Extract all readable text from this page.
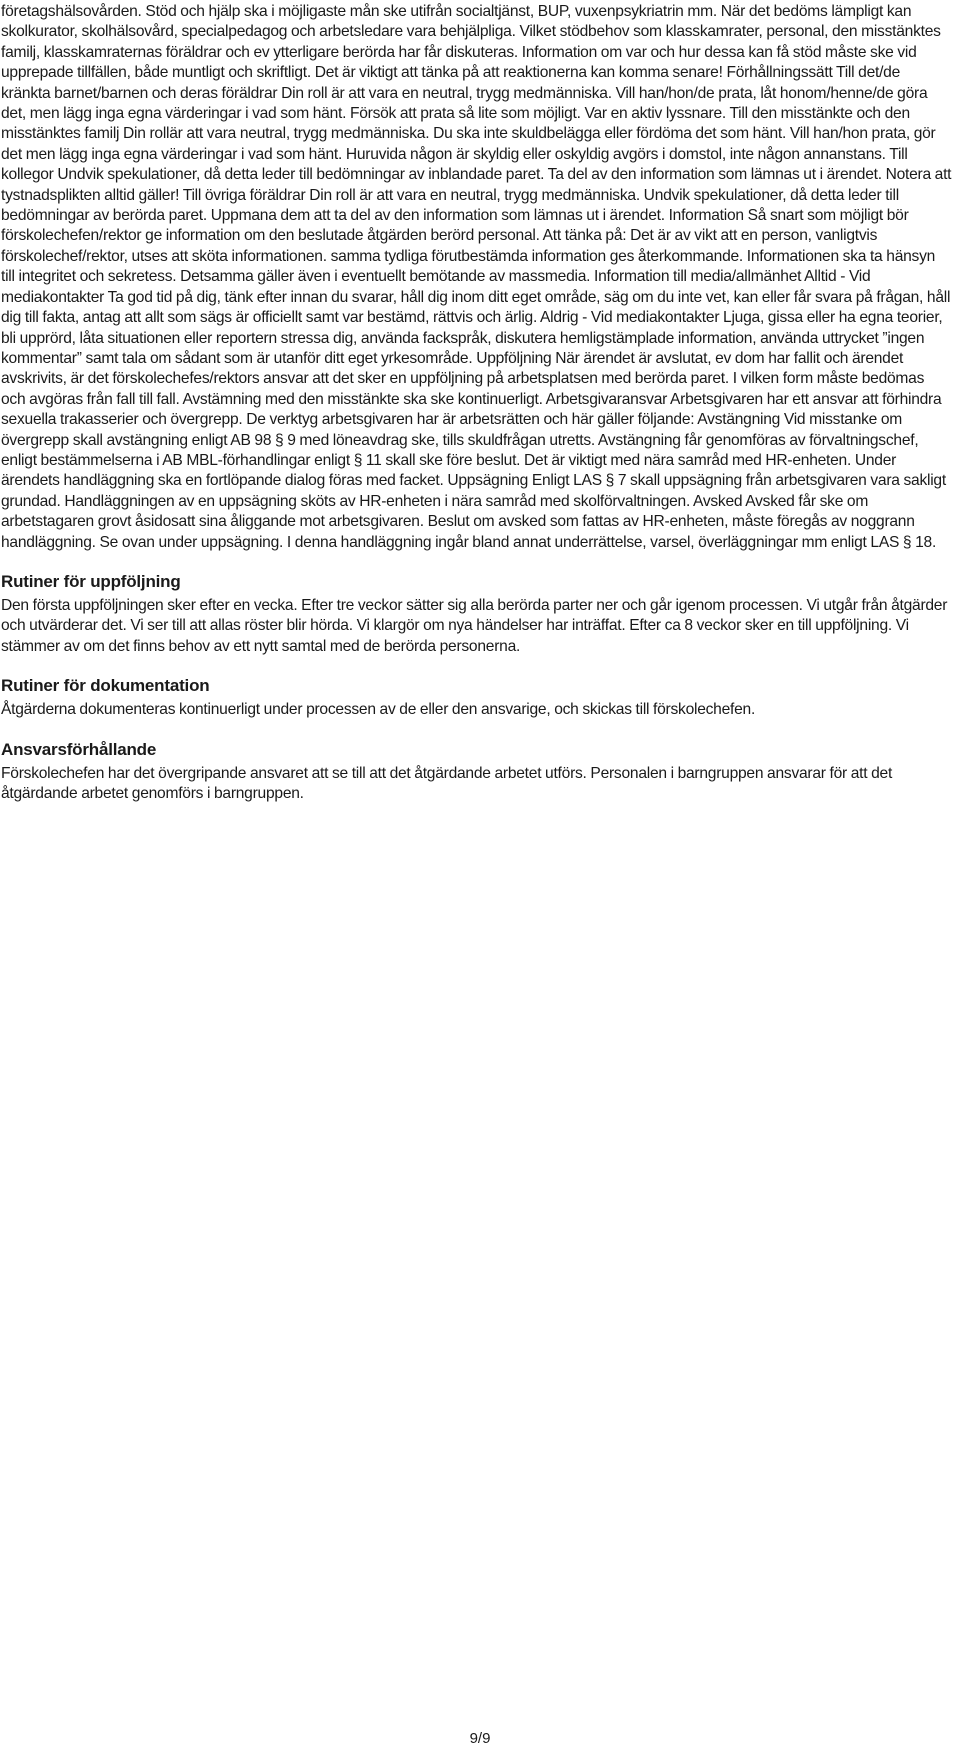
företagshälsovården. Stöd och hjälp ska i möjligaste mån ske utifrån socialtjänst, BUP, vuxenpsykriatrin mm. När det bedöms lämpligt kan skolkurator, skolhälsovård, specialpedagog och arbetsledare vara behjälpliga. Vilket stödbehov som klasskamrater, personal, den misstänktes familj, klasskamraternas föräldrar och ev ytterligare berörda har får diskuteras. Information om var och hur dessa kan få stöd måste ske vid upprepade tillfällen, både muntligt och skriftligt. Det är viktigt att tänka på att reaktionerna kan komma senare! Förhållningssätt Till det/de kränkta barnet/barnen och deras föräldrar Din roll är att vara en neutral, trygg medmänniska. Vill han/hon/de prata, låt honom/henne/de göra det, men lägg inga egna värderingar i vad som hänt. Försök att prata så lite som möjligt. Var en aktiv lyssnare. Till den misstänkte och den misstänktes familj Din rollär att vara neutral, trygg medmänniska. Du ska inte skuldbelägga eller fördöma det som hänt. Vill han/hon prata, gör det men lägg inga egna värderingar i vad som hänt. Huruvida någon är skyldig eller oskyldig avgörs i domstol, inte någon annanstans. Till kollegor Undvik spekulationer, då detta leder till bedömningar av inblandade paret. Ta del av den information som lämnas ut i ärendet. Notera att tystnadsplikten alltid gäller! Till övriga föräldrar Din roll är att vara en neutral, trygg medmänniska. Undvik spekulationer, då detta leder till bedömningar av berörda paret. Uppmana dem att ta del av den information som lämnas ut i ärendet. Information Så snart som möjligt bör förskolechefen/rektor ge information om den beslutade åtgärden berörd personal. Att tänka på: Det är av vikt att en person, vanligtvis förskolechef/rektor, utses att sköta informationen. samma tydliga förutbestämda information ges återkommande. Informationen ska ta hänsyn till integritet och sekretess. Detsamma gäller även i eventuellt bemötande av massmedia. Information till media/allmänhet Alltid - Vid mediakontakter Ta god tid på dig, tänk efter innan du svarar, håll dig inom ditt eget område, säg om du inte vet, kan eller får svara på frågan, håll dig till fakta, antag att allt som sägs är officiellt samt var bestämd, rättvis och ärlig. Aldrig - Vid mediakontakter Ljuga, gissa eller ha egna teorier, bli upprörd, låta situationen eller reportern stressa dig, använda fackspråk, diskutera hemligstämplade information, använda uttrycket ”ingen kommentar” samt tala om sådant som är utanför ditt eget yrkesområde. Uppföljning När ärendet är avslutat, ev dom har fallit och ärendet avskrivits, är det förskolechefes/rektors ansvar att det sker en uppföljning på arbetsplatsen med berörda paret. I vilken form måste bedömas och avgöras från fall till fall. Avstämning med den misstänkte ska ske kontinuerligt. Arbetsgivaransvar Arbetsgivaren har ett ansvar att förhindra sexuella trakasserier och övergrepp. De verktyg arbetsgivaren har är arbetsrätten och här gäller följande: Avstängning Vid misstanke om övergrepp skall avstängning enligt AB 98 § 9 med löneavdrag ske, tills skuldfrågan utretts. Avstängning får genomföras av förvaltningschef, enligt bestämmelserna i AB MBL-förhandlingar enligt § 11 skall ske före beslut. Det är viktigt med nära samråd med HR-enheten. Under ärendets handläggning ska en fortlöpande dialog föras med facket. Uppsägning Enligt LAS § 7 skall uppsägning från arbetsgivaren vara sakligt grundad. Handläggningen av en uppsägning sköts av HR-enheten i nära samråd med skolförvaltningen. Avsked Avsked får ske om arbetstagaren grovt åsidosatt sina åliggande mot arbetsgivaren. Beslut om avsked som fattas av HR-enheten, måste föregås av noggrann handläggning. Se ovan under uppsägning. I denna handläggning ingår bland annat underrättelse, varsel, överläggningar mm enligt LAS § 18.

Rutiner för uppföljning

Den första uppföljningen sker efter en vecka. Efter tre veckor sätter sig alla berörda parter ner och går igenom processen. Vi utgår från åtgärder och utvärderar det. Vi ser till att allas röster blir hörda. Vi klargör om nya händelser har inträffat. Efter ca 8 veckor sker en till uppföljning. Vi stämmer av om det finns behov av ett nytt samtal med de berörda personerna.

Rutiner för dokumentation

Åtgärderna dokumenteras kontinuerligt under processen av de eller den ansvarige, och skickas till förskolechefen.

Ansvarsförhållande

Förskolechefen har det övergripande ansvaret att se till att det åtgärdande arbetet utförs. Personalen i barngruppen ansvarar för att det åtgärdande arbetet genomförs i barngruppen.

9/9
